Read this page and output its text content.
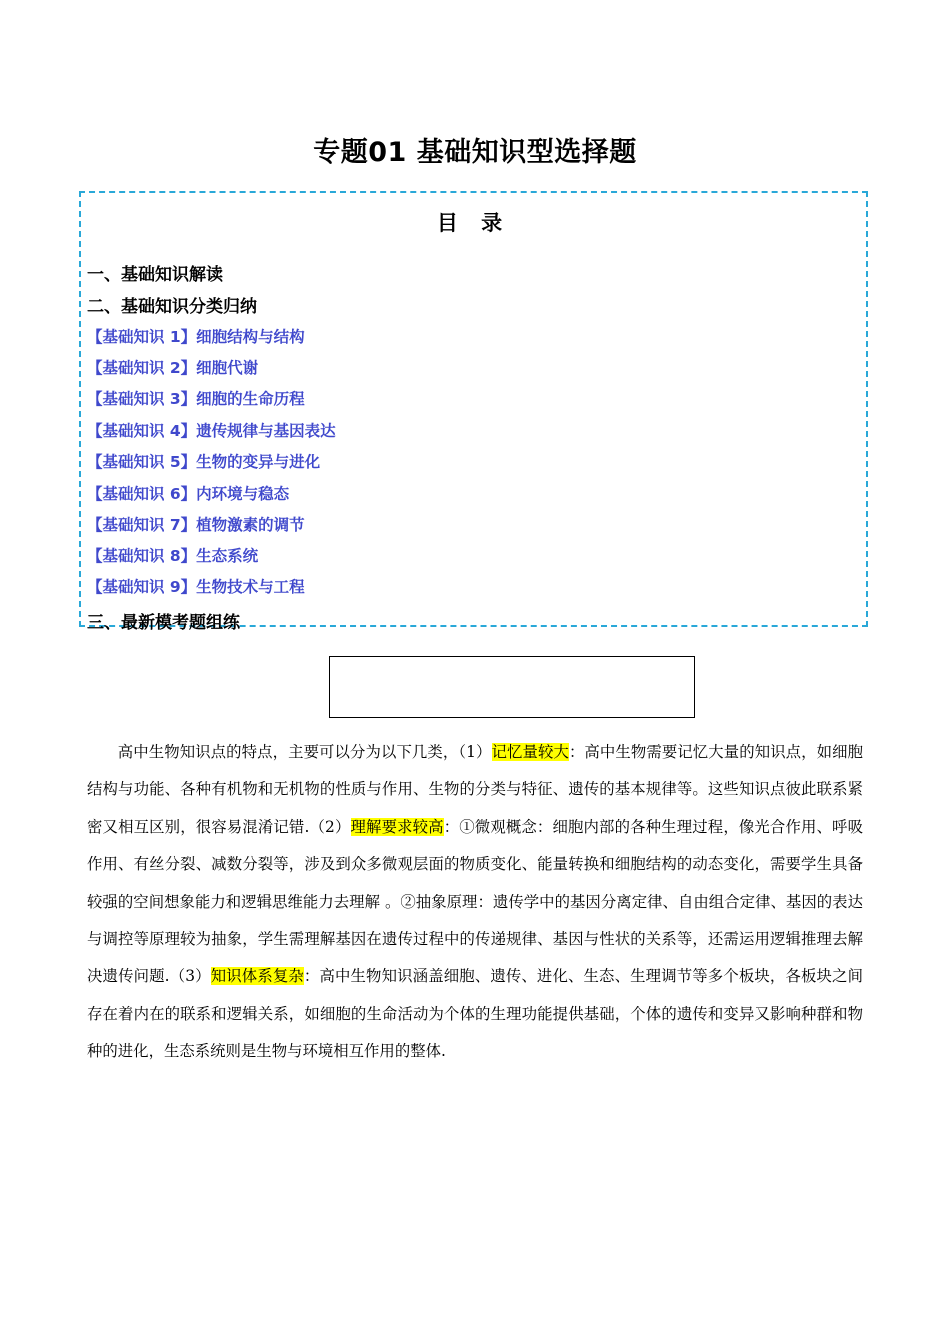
专题01 基础知识型选择题
目 录
一、基础知识解读
二、基础知识分类归纳
【基础知识 1】细胞结构与结构
【基础知识 2】细胞代谢
【基础知识 3】细胞的生命历程
【基础知识 4】遗传规律与基因表达
【基础知识 5】生物的变异与进化
【基础知识 6】内环境与稳态
【基础知识 7】植物激素的调节
【基础知识 8】生态系统
【基础知识 9】生物技术与工程
三、最新模考题组练

高中生物知识点的特点，主要可以分为以下几类，（1）记忆量较大：高中生物需要记忆大量的知识点，如细胞结构与功能、各种有机物和无机物的性质与作用、生物的分类与特征、遗传的基本规律等。这些知识点彼此联系紧密又相互区别，很容易混淆记错.（2）理解要求较高：①微观概念：细胞内部的各种生理过程，像光合作用、呼吸作用、有丝分裂、减数分裂等，涉及到众多微观层面的物质变化、能量转换和细胞结构的动态变化，需要学生具备较强的空间想象能力和逻辑思维能力去理解 。②抽象原理：遗传学中的基因分离定律、自由组合定律、基因的表达与调控等原理较为抽象，学生需理解基因在遗传过程中的传递规律、基因与性状的关系等，还需运用逻辑推理去解决遗传问题.（3）知识体系复杂：高中生物知识涵盖细胞、遗传、进化、生态、生理调节等多个板块，各板块之间存在着内在的联系和逻辑关系，如细胞的生命活动为个体的生理功能提供基础，个体的遗传和变异又影响种群和物种的进化，生态系统则是生物与环境相互作用的整体.
